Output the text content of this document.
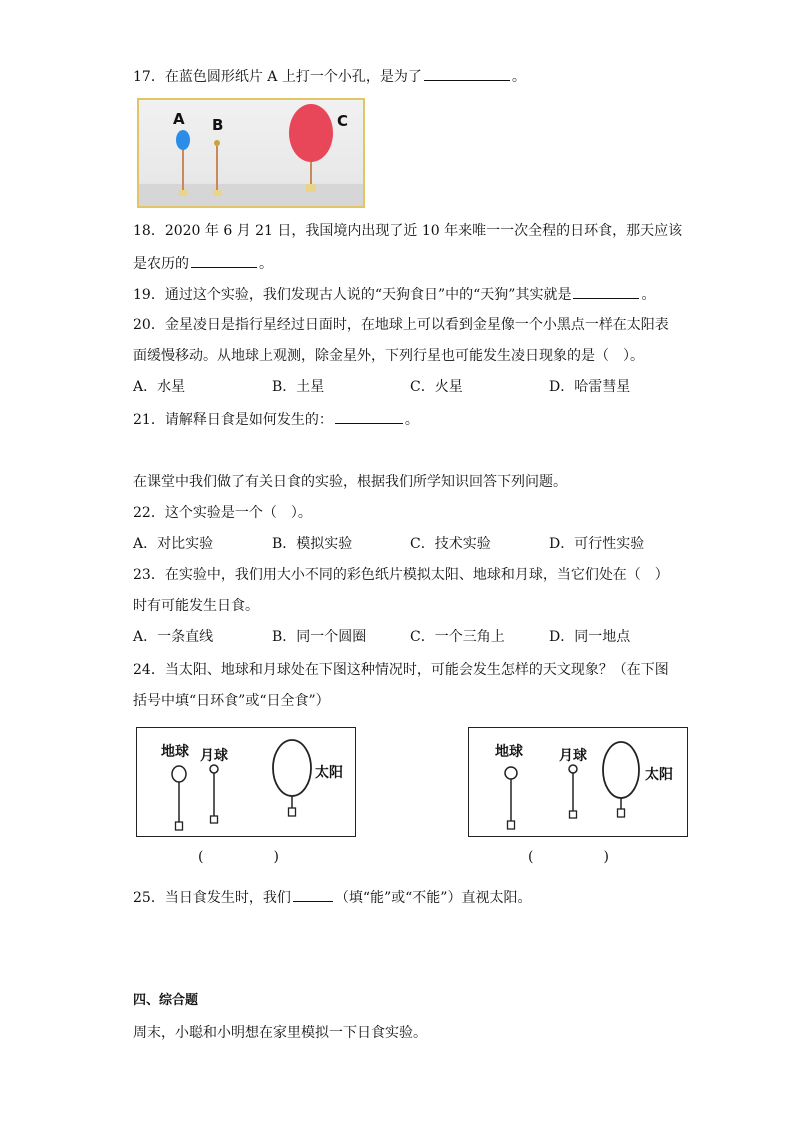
17．在蓝色圆形纸片 A 上打一个小孔，是为了	。
A B	C
18．2020 年 6 月 21 日，我国境内出现了近 10 年来唯一一次全程的日环食，那天应该
是农历的	。
19．通过这个实验，我们发现古人说的“天狗食日”中的“天狗”其实就是	。
20．金星凌日是指行星经过日面时，在地球上可以看到金星像一个小黑点一样在太阳表
面缓慢移动。从地球上观测，除金星外，下列行星也可能发生凌日现象的是（　）。
A．水星	B．土星	C．火星	D．哈雷彗星
21．请解释日食是如何发生的：	。
在课堂中我们做了有关日食的实验，根据我们所学知识回答下列问题。
22．这个实验是一个（　）。
A．对比实验	B．模拟实验	C．技术实验	D．可行性实验
23．在实验中，我们用大小不同的彩色纸片模拟太阳、地球和月球，当它们处在（　）
时有可能发生日食。
A．一条直线	B．同一个圆圈	C．一个三角上	D．同一地点
24．当太阳、地球和月球处在下图这种情况时，可能会发生怎样的天文现象？（在下图
括号中填“日环食”或“日全食”）
地球 月球
太阳
(　　　　　)
地球	月球
太阳
(　　　　　)
25．当日食发生时，我们	（填“能”或“不能”）直视太阳。
四、综合题
周末，小聪和小明想在家里模拟一下日食实验。
